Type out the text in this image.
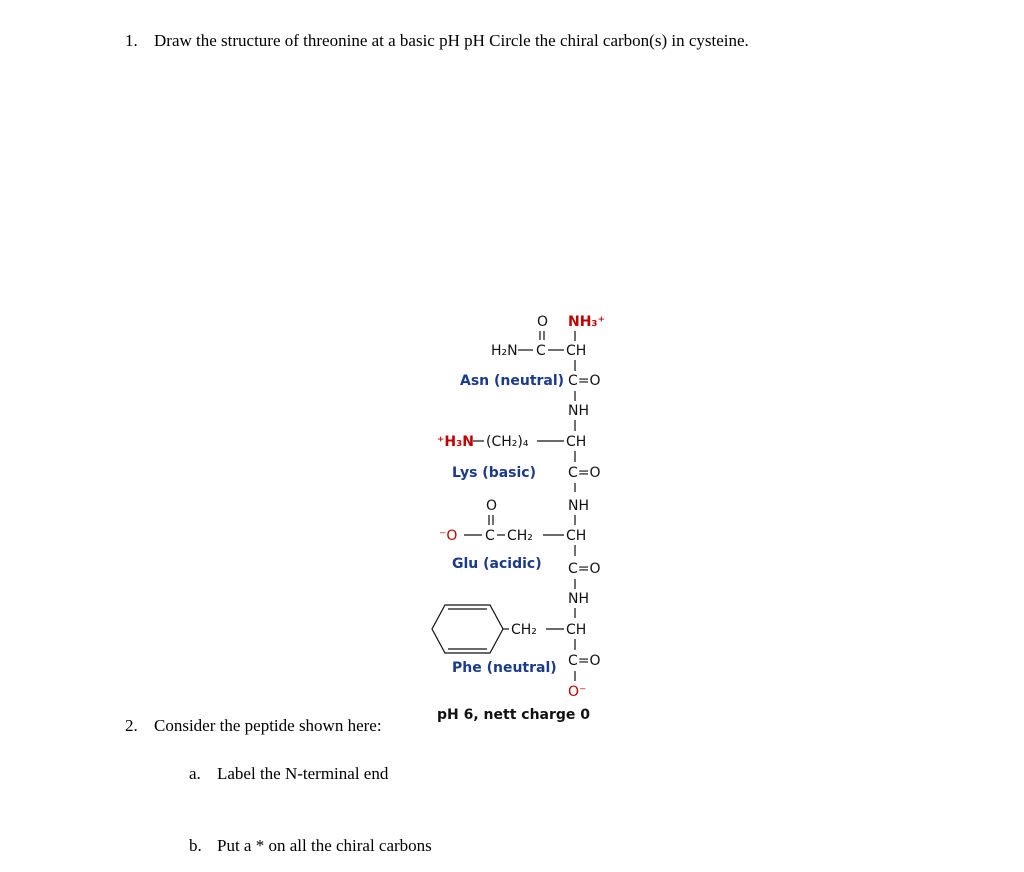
1. Draw the structure of threonine at a basic pH pH Circle the chiral carbon(s) in cysteine.
O NH₃⁺
H₂N C CH
Asn (neutral) C=O
NH
⁺H₃N (CH₂)₄	CH
Lys (basic) C=O
NH
O
⁻O C CH₂ CH
Glu (acidic) C=O
NH
CH₂ CH
C=O
Phe (neutral)
O⁻
pH 6, nett charge 0
2. Consider the peptide shown here:
a. Label the N-terminal end
b. Put a * on all the chiral carbons
